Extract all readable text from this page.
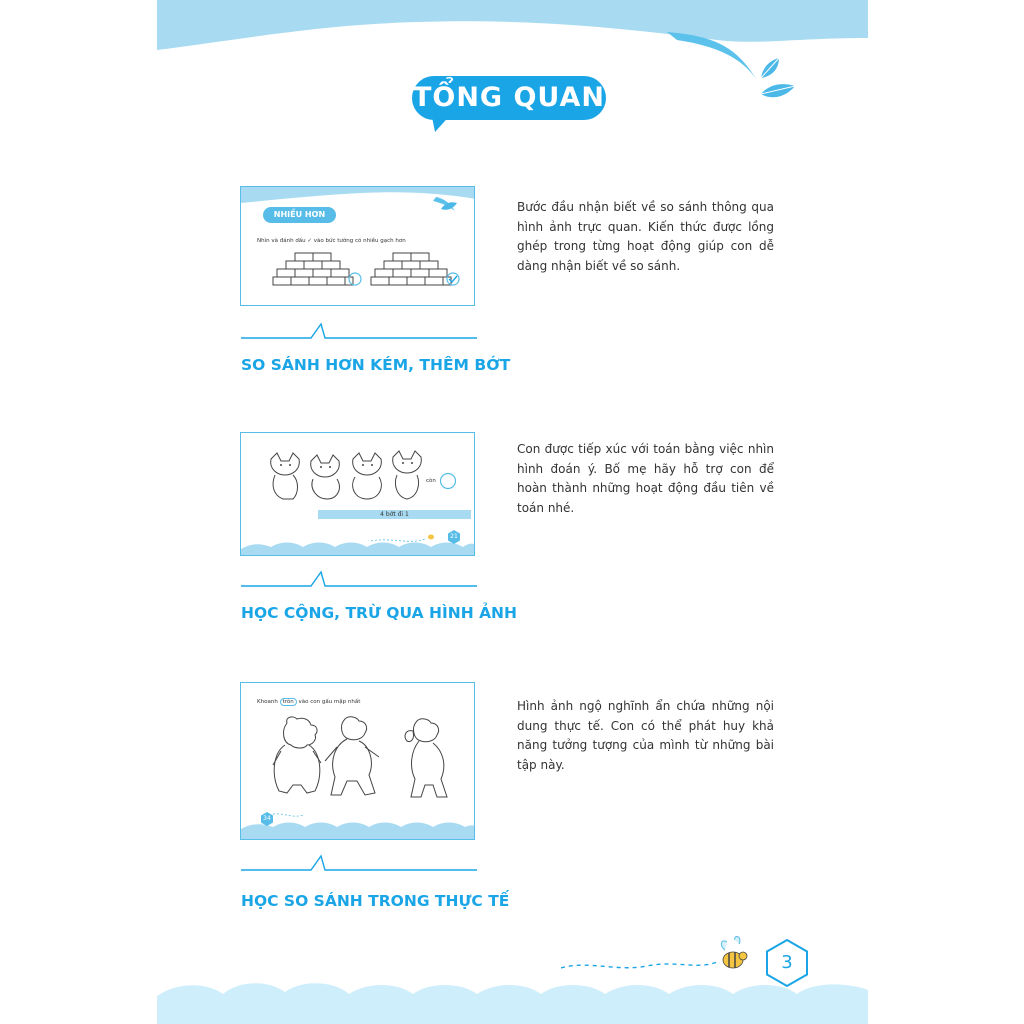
TỔNG QUAN
NHIỀU HƠN
Nhìn và đánh dấu ✓ vào bức tường có nhiều gạch hơn
SO SÁNH HƠN KÉM, THÊM BỚT
Bước đầu nhận biết về so sánh thông qua hình ảnh trực quan. Kiến thức được lồng ghép trong từng hoạt động giúp con dễ dàng nhận biết về so sánh.
còn
4 bớt đi 1
21
HỌC CỘNG, TRỪ QUA HÌNH ẢNH
Con được tiếp xúc với toán bằng việc nhìn hình đoán ý. Bố mẹ hãy hỗ trợ con để hoàn thành những hoạt động đầu tiên về toán nhé.
Khoanh tròn vào con gấu mập nhất
34
HỌC SO SÁNH TRONG THỰC TẾ
Hình ảnh ngộ nghĩnh ẩn chứa những nội dung thực tế. Con có thể phát huy khả năng tưởng tượng của mình từ những bài tập này.
3
